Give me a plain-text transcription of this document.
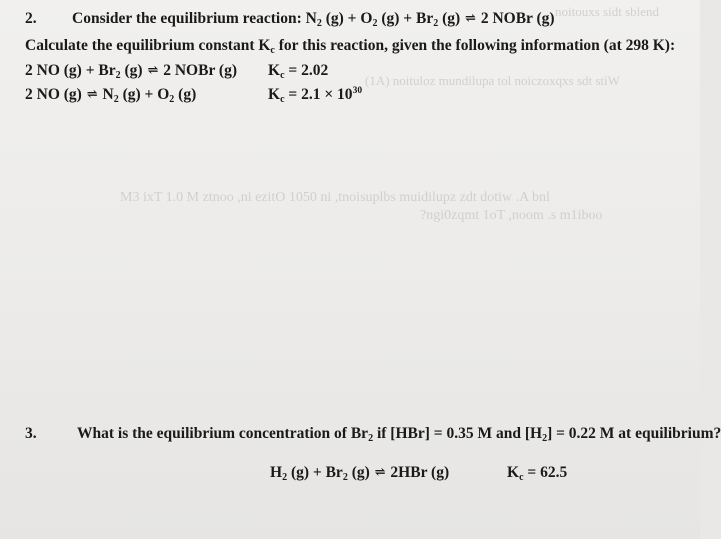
noitouxs sidt sblend
(1A) noituloz mundilupa tol noiczoxqxs sdt stiW
M3 ixT 1.0 M ztnoo ,ni ezitO 1050 ni ,tnoisuplbs muidilupz zdt dotiw .A bnl
?ngi0zqmt 1oT ,noom .s m1iboo
2. Consider the equilibrium reaction: $N_2$ $(g) + O_2$ $(g) + Br_2$ (g) ⇌ 2 NOBr (g)
Calculate the equilibrium constant $K_c$ for this reaction, given the following information (at 298 K):
2 NO $(g) + Br_2$ (g) ⇌ 2 NOBr (g) $K_c = 2.02$
2 NO (g) ⇌ $N_2$ $(g) + O_2$ (g)	$K_c = 2.1 \times 10^{30}$
3.	What is the equilibrium concentration of $Br_2$ if [HBr] = 0.35 M and $[H_2] = 0.22$ M at equilibrium?
$H_2$ $(g) + Br_2$ (g) ⇌ 2HBr (g)	$K_c = 62.5$
